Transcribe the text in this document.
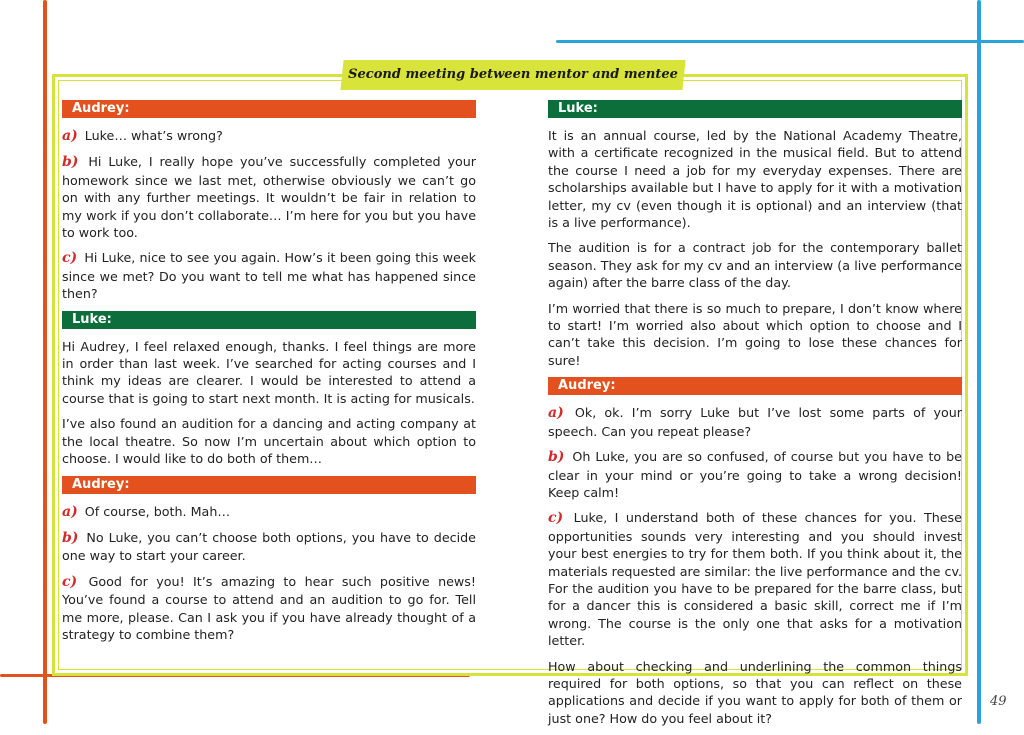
Second meeting between mentor and mentee
Audrey:

a) Luke… what’s wrong?

b) Hi Luke, I really hope you’ve successfully completed your homework since we last met, otherwise obviously we can’t go on with any further meetings. It wouldn’t be fair in relation to my work if you don’t collaborate… I’m here for you but you have to work too.

c) Hi Luke, nice to see you again. How’s it been going this week since we met? Do you want to tell me what has happened since then?

Luke:

Hi Audrey, I feel relaxed enough, thanks. I feel things are more in order than last week. I’ve searched for acting courses and I think my ideas are clearer. I would be interested to attend a course that is going to start next month. It is acting for musicals.

I’ve also found an audition for a dancing and acting company at the local theatre. So now I’m uncertain about which option to choose. I would like to do both of them…

Audrey:

a) Of course, both. Mah…

b) No Luke, you can’t choose both options, you have to decide one way to start your career.

c) Good for you! It’s amazing to hear such positive news! You’ve found a course to attend and an audition to go for. Tell me more, please. Can I ask you if you have already thought of a strategy to combine them?

Luke:

It is an annual course, led by the National Academy Theatre, with a certificate recognized in the musical field. But to attend the course I need a job for my everyday expenses. There are scholarships available but I have to apply for it with a motivation letter, my cv (even though it is optional) and an interview (that is a live performance).

The audition is for a contract job for the contemporary ballet season. They ask for my cv and an interview (a live performance again) after the barre class of the day.

I’m worried that there is so much to prepare, I don’t know where to start! I’m worried also about which option to choose and I can’t take this decision. I’m going to lose these chances for sure!

Audrey:

a) Ok, ok. I’m sorry Luke but I’ve lost some parts of your speech. Can you repeat please?

b) Oh Luke, you are so confused, of course but you have to be clear in your mind or you’re going to take a wrong decision! Keep calm!

c) Luke, I understand both of these chances for you. These opportunities sounds very interesting and you should invest your best energies to try for them both. If you think about it, the materials requested are similar: the live performance and the cv. For the audition you have to be prepared for the barre class, but for a dancer this is considered a basic skill, correct me if I’m wrong. The course is the only one that asks for a motivation letter.

How about checking and underlining the common things required for both options, so that you can reflect on these applications and decide if you want to apply for both of them or just one? How do you feel about it?

49
